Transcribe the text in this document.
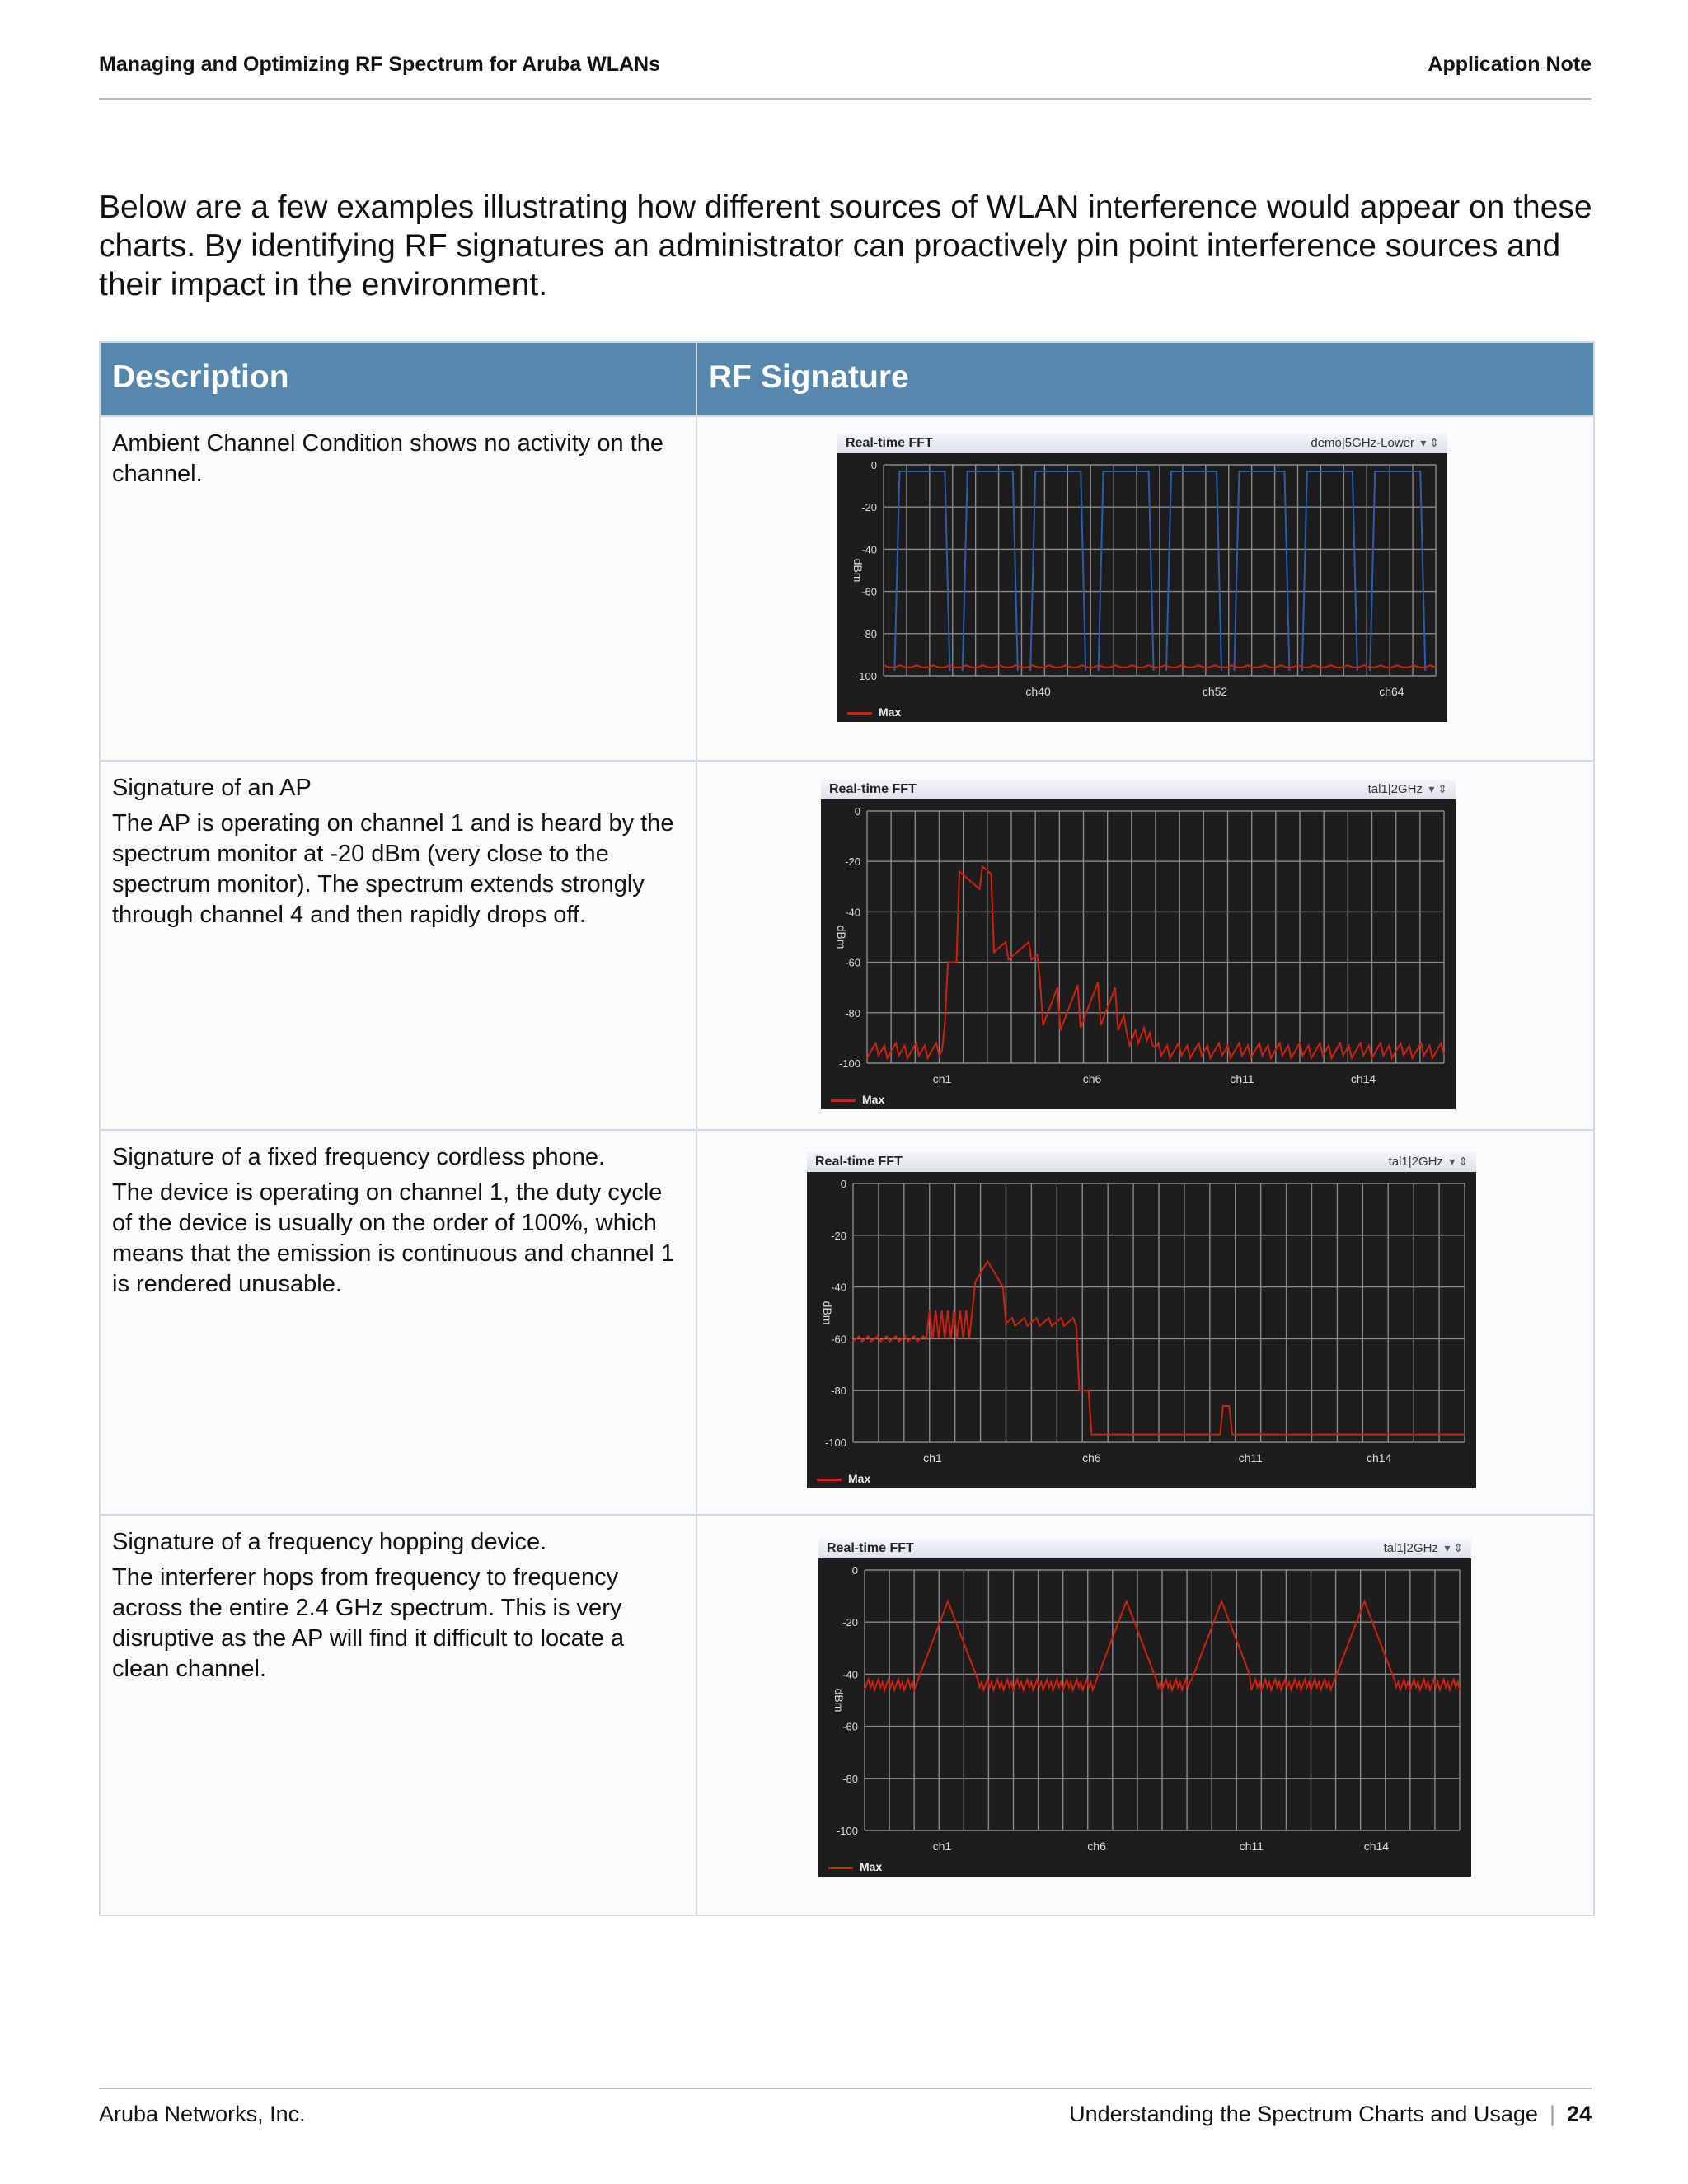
Managing and Optimizing RF Spectrum for Aruba WLANs	Application Note

Below are a few examples illustrating how different sources of WLAN interference would appear on these charts. By identifying RF signatures an administrator can proactively pin point interference sources and their impact in the environment.

Description	RF Signature

Ambient Channel Condition shows no activity on the channel.

Real-time FFT	demo|5GHz-Lower ▾ ⇕
0
-20
-40
-60
-80
-100
dBm
ch40	ch52	ch64
Max

Signature of an AP

The AP is operating on channel 1 and is heard by the spectrum monitor at -20 dBm (very close to the spectrum monitor). The spectrum extends strongly through channel 4 and then rapidly drops off.

Real-time FFT	tal1|2GHz ▾ ⇕
0
-20
-40
-60
-80
-100
dBm
ch1	ch6	ch11	ch14
Max

Signature of a fixed frequency cordless phone.

The device is operating on channel 1, the duty cycle of the device is usually on the order of 100%, which means that the emission is continuous and channel 1 is rendered unusable.

Real-time FFT	tal1|2GHz ▾ ⇕
0
-20
-40
-60
-80
-100
dBm
ch1	ch6	ch11	ch14
Max

Signature of a frequency hopping device.

The interferer hops from frequency to frequency across the entire 2.4 GHz spectrum. This is very disruptive as the AP will find it difficult to locate a clean channel.

Real-time FFT	tal1|2GHz ▾ ⇕
0
-20
-40
-60
-80
-100
dBm
ch1	ch6	ch11	ch14
Max
Aruba Networks, Inc.	Understanding the Spectrum Charts and Usage | 24
